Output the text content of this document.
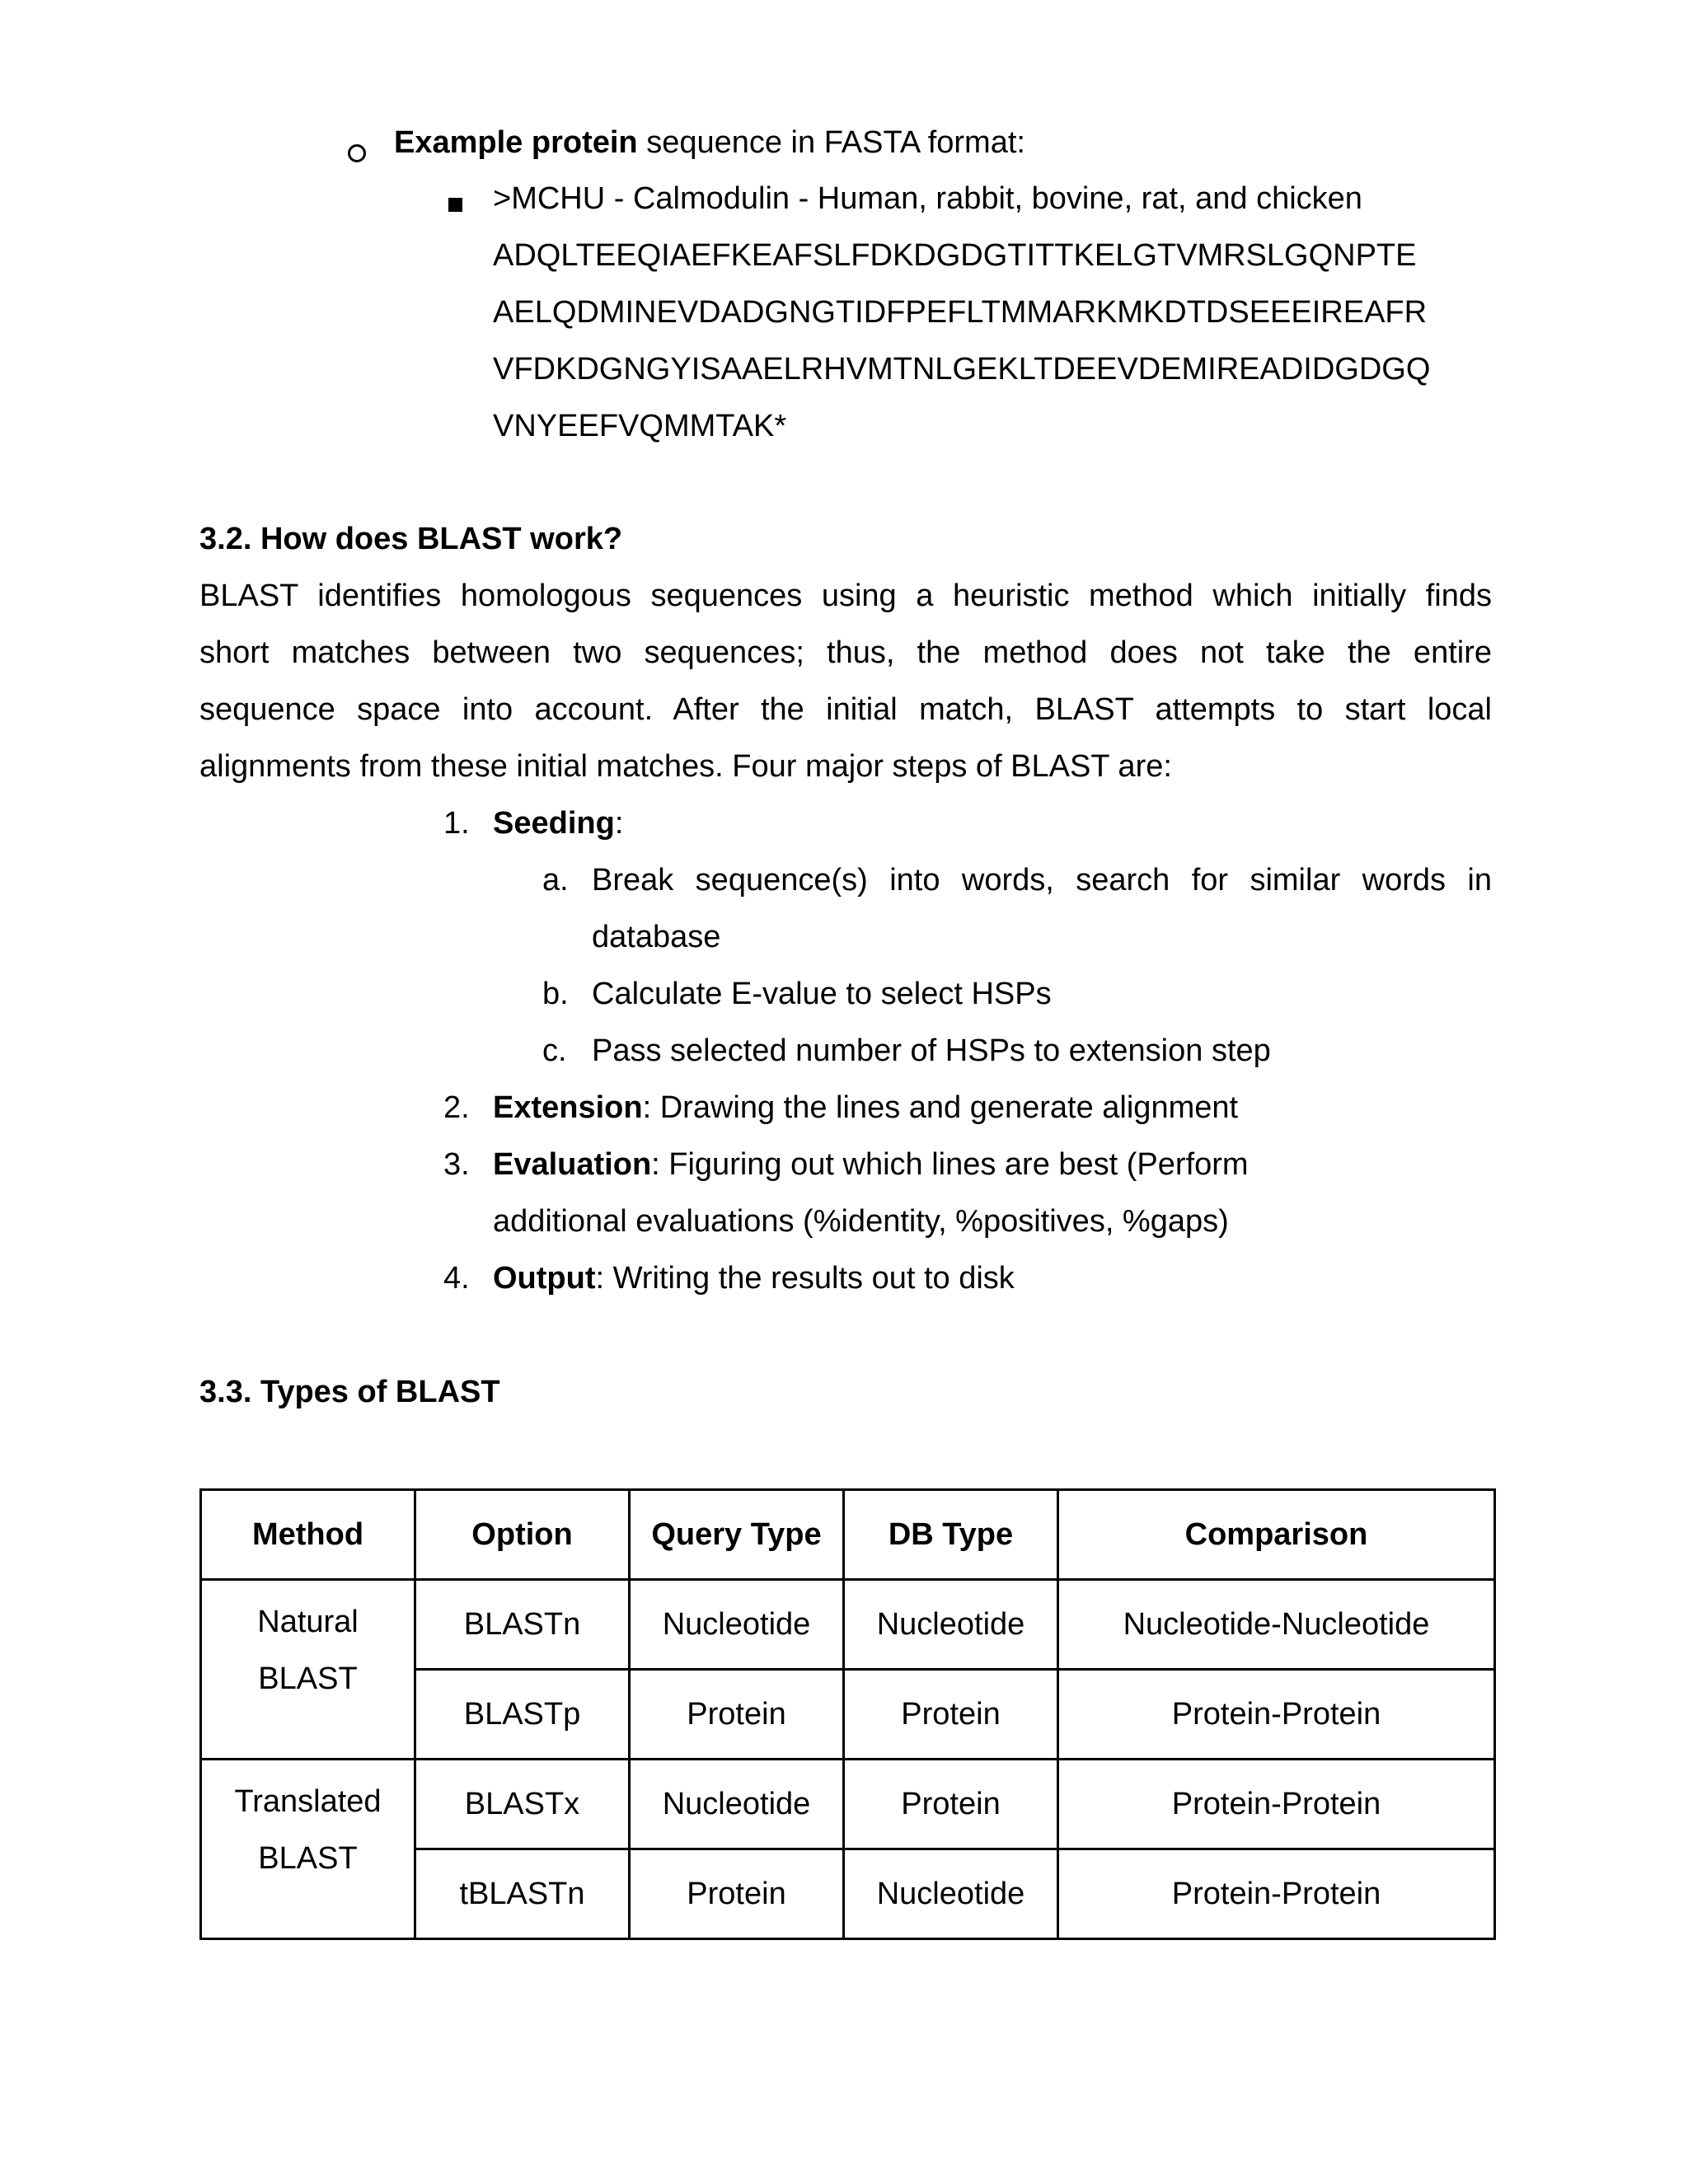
Example protein sequence in FASTA format:
>MCHU - Calmodulin - Human, rabbit, bovine, rat, and chicken
ADQLTEEQIAEFKEAFSLFDKDGDGTITTKELGTVMRSLGQNPTE
AELQDMINEVDADGNGTIDFPEFLTMMARKMKDTDSEEEIREAFR
VFDKDGNGYISAAELRHVMTNLGEKLTDEEVDEMIREADIDGDGQ
VNYEEFVQMMTAK*
3.2. How does BLAST work?
BLAST identifies homologous sequences using a heuristic method which initially finds
short matches between two sequences; thus, the method does not take the entire
sequence space into account. After the initial match, BLAST attempts to start local
alignments from these initial matches. Four major steps of BLAST are:
1. Seeding:
a. Break sequence(s) into words, search for similar words in
database
b. Calculate E-value to select HSPs
c. Pass selected number of HSPs to extension step
2. Extension: Drawing the lines and generate alignment
3. Evaluation: Figuring out which lines are best (Perform
additional evaluations (%identity, %positives, %gaps)
4. Output: Writing the results out to disk
3.3. Types of BLAST
Method	Option	Query Type	DB Type	Comparison

Natural
BLAST	BLASTn	Nucleotide	Nucleotide	Nucleotide-Nucleotide
	BLASTp	Protein	Protein	Protein-Protein

Translated
BLAST	BLASTx	Nucleotide	Protein	Protein-Protein
	tBLASTn	Protein	Nucleotide	Protein-Protein
